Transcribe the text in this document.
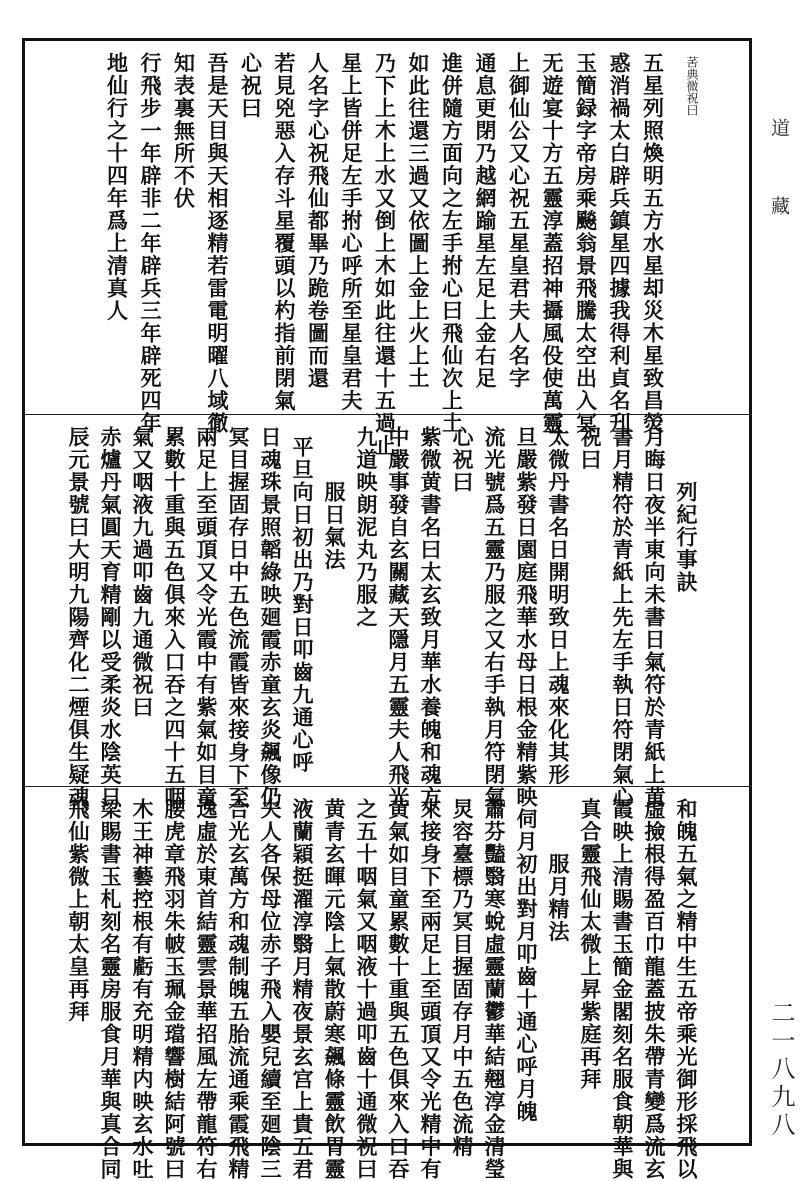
道
藏
二一八九八
䒷典微祝曰
五星列照煥明五方水星却災木星致昌熒
惑消禍太白辟兵鎮星四據我得利貞名刋
玉簡録字帝房乘飈翁景飛騰太空出入冥
无遊宴十方五靈淳蓋招神攝風伇使萬靈
上御仙公又心祝五星皇君夫人名字
通息更閉乃越網踰星左足上金右足
進併隨方面向之左手拊心曰飛仙次上土
如此往還三過又依圖上金上火上土
乃下上木上水又倒上木如此往還十五過止
星上皆併足左手拊心呼所至星皇君夫
人名字心祝飛仙都畢乃跪卷圖而還
若見兇惡入存斗星覆頭以杓指前閉氣
心祝曰
吾是天目與天相逐精若雷電明曜八域徹
知表裏無所不伏
行飛步一年辟非二年辟兵三年辟死四年
地仙行之十四年爲上清真人
列紀行事訣
月晦日夜半東向未書日氣符於青紙上黄
書月精符於青紙上先左手執日符閉氣心
祝曰
太微丹書名日開明致日上魂來化其形
旦嚴紫發日園庭飛華水母日根金精紫映
流光號爲五靈乃服之又右手執月符閉氣
心祝曰
紫微黄書名曰太玄致月華水養魄和魂方
中嚴事發自玄關藏天隱月五靈夫人飛光
九道映朗泥丸乃服之
服日氣法
平旦向日初出乃對日叩齒九通心呼
日魂珠景照韜綠映廻霞赤童玄炎飆像仍
冥目握固存日中五色流霞皆來接身下至
兩足上至頭頂又令光霞中有紫氣如目童
累數十重與五色俱來入口吞之四十五咽
氣又咽液九過叩齒九通微祝曰
赤爐丹氣圓天育精剛以受柔炎水陰英日
辰元景號曰大明九陽齊化二煙俱生疑魂
和魄五氣之精中生五帝乘光御形採飛以
虛撿根得盈百巾龍蓋披朱帶青變爲流玄
霞映上清賜書玉簡金閣刻名服食朝華與
真合靈飛仙太微上昇紫庭再拜
服月精法
伺月初出對月叩齒十通心呼月魄
蕭芬豔翳寒蛻虛靈蘭鬱華結翹淳金清瑩
炅容臺標乃冥目握固存月中五色流精
來接身下至兩足上至頭頂又令光精中有
黄氣如目童累數十重與五色俱來入口吞
之五十咽氣又咽液十過叩齒十通微祝曰
黄青玄暉元陰上氣散蔚寒飆條靈飲胃靈
液蘭穎挺濯淳翳月精夜景玄宫上貴五君
夫人各保母位赤子飛入嬰兒續至廻陰三
合光玄萬方和魂制魄五胎流通乘霞飛精
逸虛於東首結靈雲景華招風左帶龍符右
腰虎章飛羽朱帔玉珮金璫響樹結阿號曰
木王神藝控根有虧有充明精内映玄水吐
梁賜書玉札刻名靈房服食月華與真合同
飛仙紫微上朝太皇再拜
